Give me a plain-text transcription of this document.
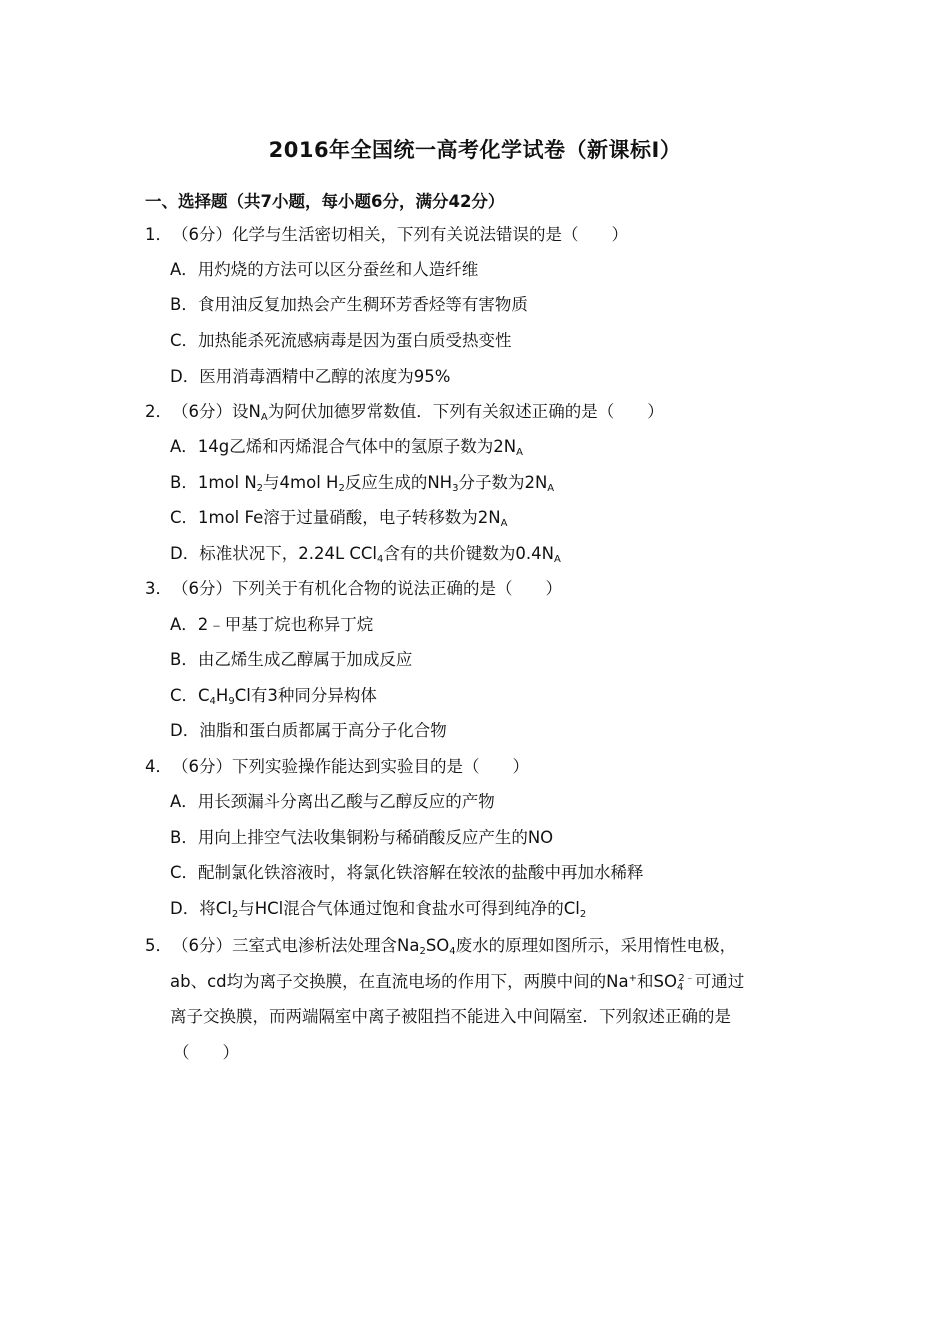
2016年全国统一高考化学试卷（新课标Ⅰ）
一、选择题（共7小题，每小题6分，满分42分）
1．（6分）化学与生活密切相关，下列有关说法错误的是（　　）
A．用灼烧的方法可以区分蚕丝和人造纤维
B．食用油反复加热会产生稠环芳香烃等有害物质
C．加热能杀死流感病毒是因为蛋白质受热变性
D．医用消毒酒精中乙醇的浓度为95%
2．（6分）设$N_A$为阿伏加德罗常数值．下列有关叙述正确的是（　　）
A．14g乙烯和丙烯混合气体中的氢原子数为$2N_A$
B．1mol $N_2$与4mol $H_2$反应生成的$NH_3$分子数为$2N_A$
C．1mol Fe溶于过量硝酸，电子转移数为$2N_A$
D．标准状况下，2.24L CCl$_4$含有的共价键数为$0.4N_A$
3．（6分）下列关于有机化合物的说法正确的是（　　）
A．2﹣甲基丁烷也称异丁烷
B．由乙烯生成乙醇属于加成反应
C．$C_4H_9Cl$有3种同分异构体
D．油脂和蛋白质都属于高分子化合物
4．（6分）下列实验操作能达到实验目的是（　　）
A．用长颈漏斗分离出乙酸与乙醇反应的产物
B．用向上排空气法收集铜粉与稀硝酸反应产生的NO
C．配制氯化铁溶液时，将氯化铁溶解在较浓的盐酸中再加水稀释
D．将$Cl_2$与HCl混合气体通过饱和食盐水可得到纯净的$Cl_2$
5．（6分）三室式电渗析法处理含$Na_2SO_4$废水的原理如图所示，采用惰性电极，
ab、cd均为离子交换膜，在直流电场的作用下，两膜中间的Na+和$SO_4^{2﹣}$可通过
离子交换膜，而两端隔室中离子被阻挡不能进入中间隔室．下列叙述正确的是
（　　）
